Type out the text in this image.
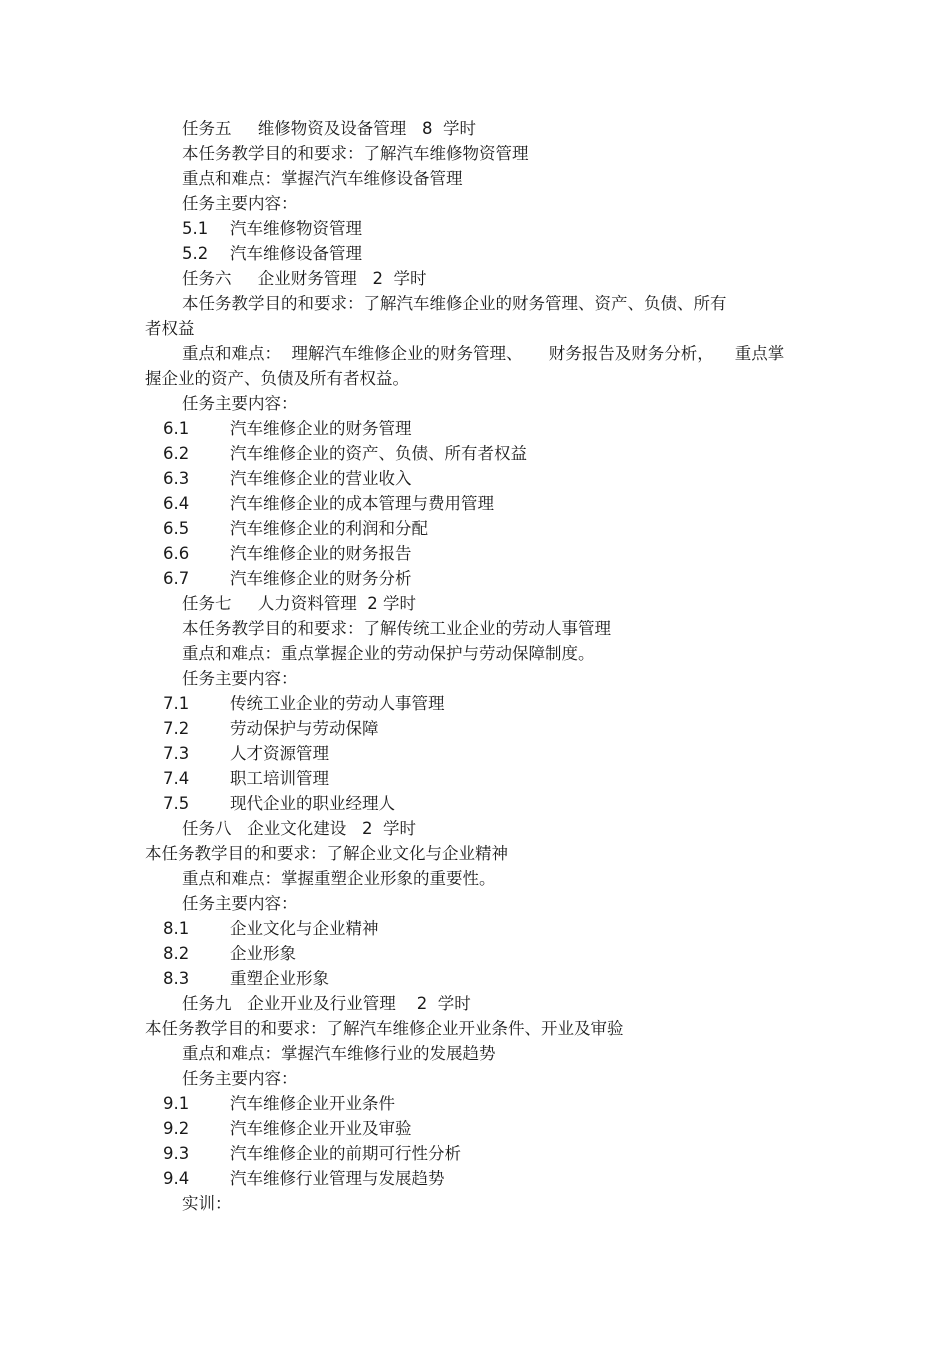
任务五     维修物资及设备管理   8  学时
本任务教学目的和要求：了解汽车维修物资管理
重点和难点：掌握汽汽车维修设备管理
任务主要内容：
5.1 汽车维修物资管理
5.2 汽车维修设备管理
任务六     企业财务管理   2  学时
本任务教学目的和要求：了解汽车维修企业的财务管理、资产、负债、所有
者权益
重点和难点：  理解汽车维修企业的财务管理、     财务报告及财务分析，    重点掌
握企业的资产、负债及所有者权益。
任务主要内容：
6.1 汽车维修企业的财务管理
6.2 汽车维修企业的资产、负债、所有者权益
6.3 汽车维修企业的营业收入
6.4 汽车维修企业的成本管理与费用管理
6.5 汽车维修企业的利润和分配
6.6 汽车维修企业的财务报告
6.7 汽车维修企业的财务分析
任务七     人力资料管理  2 学时
本任务教学目的和要求：了解传统工业企业的劳动人事管理
重点和难点：重点掌握企业的劳动保护与劳动保障制度。
任务主要内容：
7.1 传统工业企业的劳动人事管理
7.2 劳动保护与劳动保障
7.3 人才资源管理
7.4 职工培训管理
7.5 现代企业的职业经理人
任务八   企业文化建设   2  学时
本任务教学目的和要求：了解企业文化与企业精神
重点和难点：掌握重塑企业形象的重要性。
任务主要内容：
8.1 企业文化与企业精神
8.2 企业形象
8.3 重塑企业形象
任务九   企业开业及行业管理    2  学时
本任务教学目的和要求：了解汽车维修企业开业条件、开业及审验
重点和难点：掌握汽车维修行业的发展趋势
任务主要内容：
9.1 汽车维修企业开业条件
9.2 汽车维修企业开业及审验
9.3 汽车维修企业的前期可行性分析
9.4 汽车维修行业管理与发展趋势
实训：
